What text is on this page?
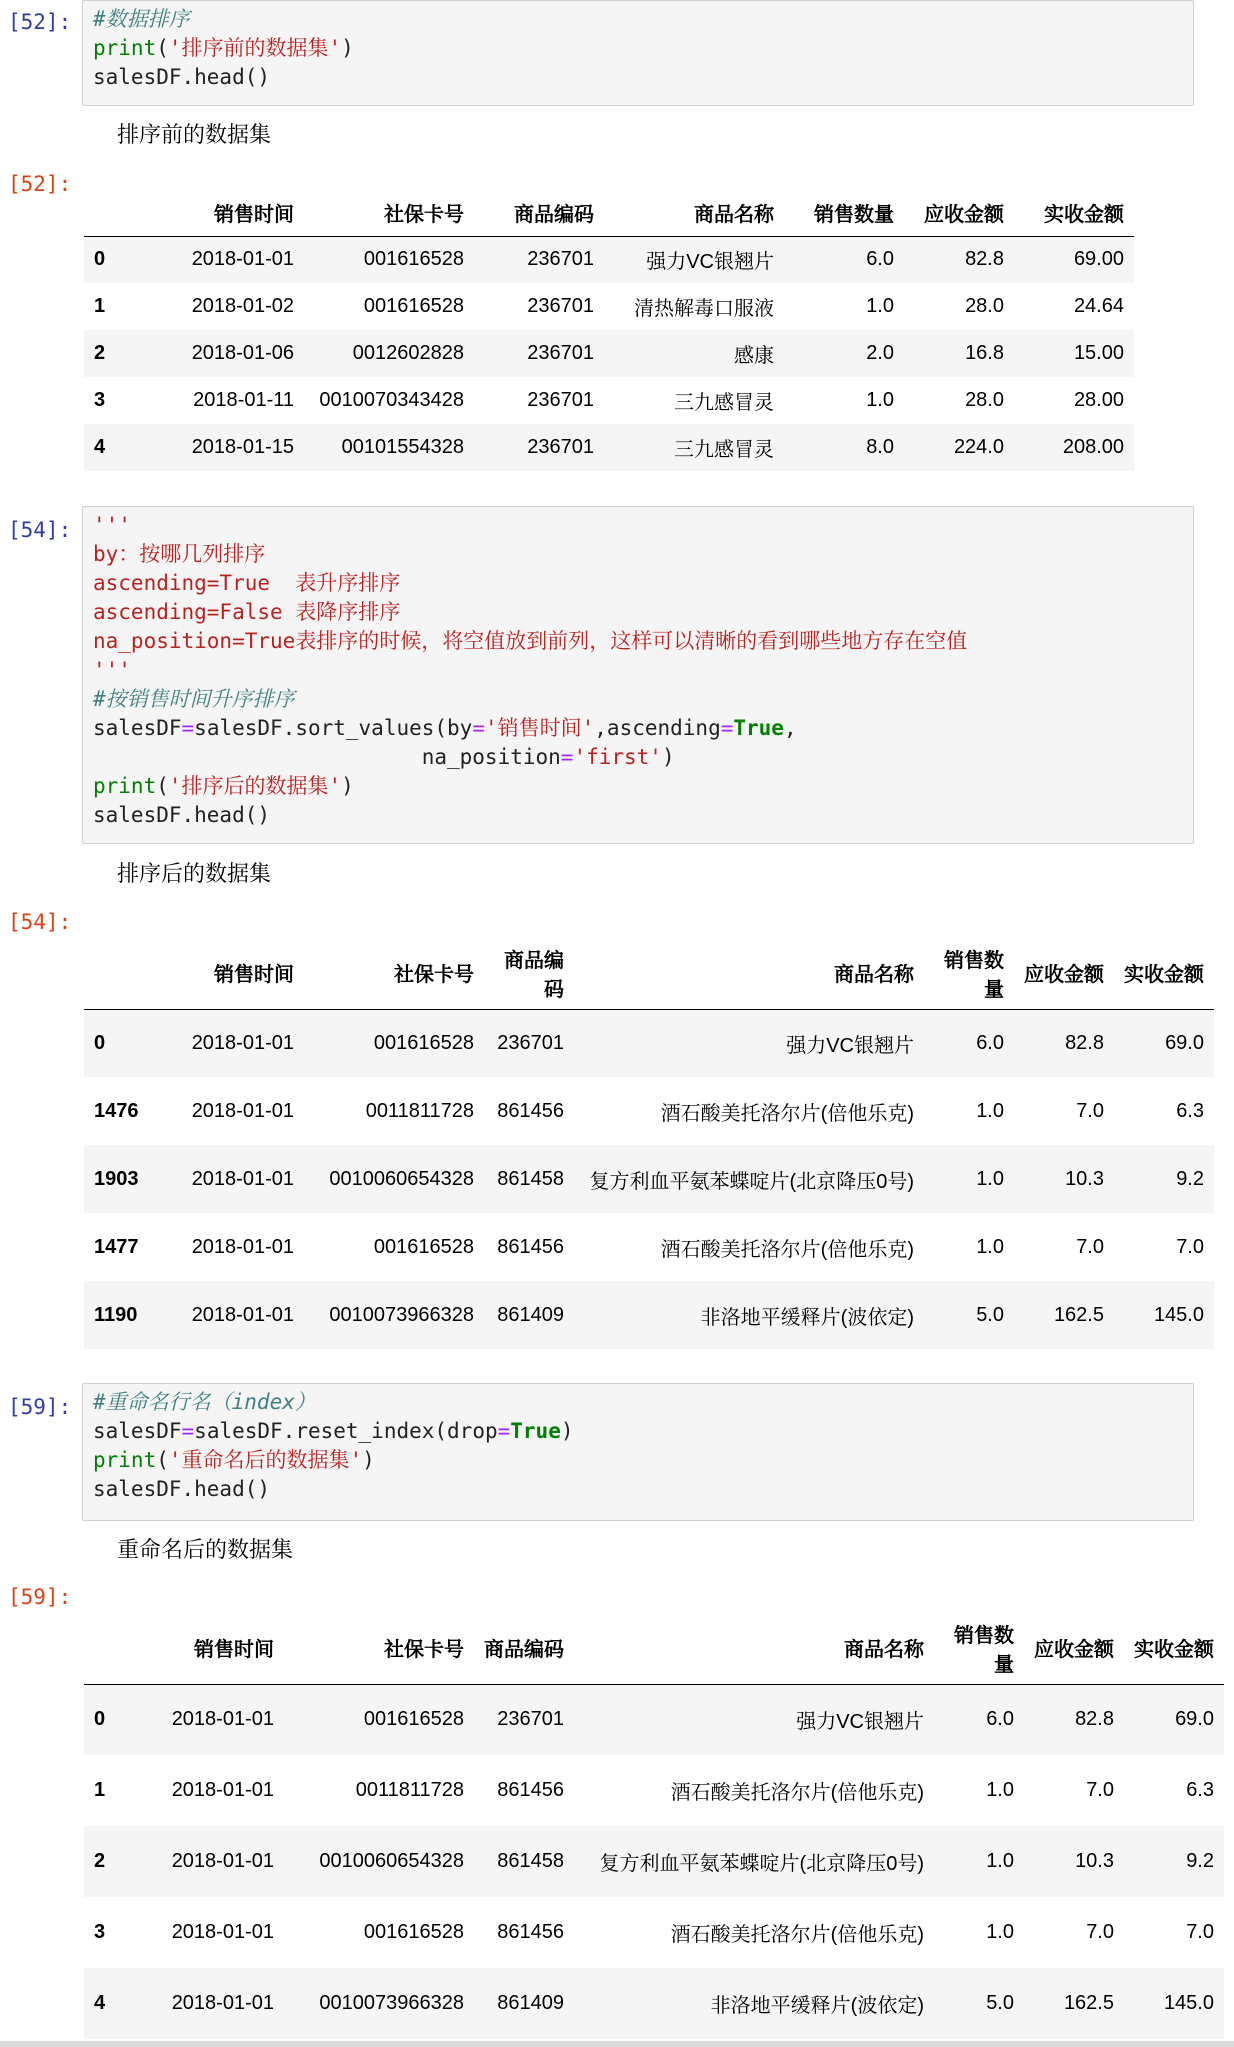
[52]: #数据排序
print('排序前的数据集')
salesDF.head()
排序前的数据集
[52]:
	销售时间	社保卡号	商品编码	商品名称	销售数量	应收金额	实收金额
0	2018-01-01	001616528	236701	强力VC银翘片	6.0	82.8	69.00
1	2018-01-02	001616528	236701	清热解毒口服液	1.0	28.0	24.64
2	2018-01-06	0012602828	236701	感康	2.0	16.8	15.00
3	2018-01-11	0010070343428	236701	三九感冒灵	1.0	28.0	28.00
4	2018-01-15	00101554328	236701	三九感冒灵	8.0	224.0	208.00
[54]: '''
by：按哪几列排序
ascending=True  表升序排序
ascending=False 表降序排序
na_position=True表排序的时候，将空值放到前列，这样可以清晰的看到哪些地方存在空值
'''
#按销售时间升序排序
salesDF=salesDF.sort_values(by='销售时间',ascending=True,
na_position='first')
print('排序后的数据集')
salesDF.head()
排序后的数据集
[54]:
	销售时间	社保卡号	商品编码	商品名称	销售数量	应收金额	实收金额
0	2018-01-01	001616528	236701	强力VC银翘片	6.0	82.8	69.0
1476	2018-01-01	0011811728	861456	酒石酸美托洛尔片(倍他乐克)	1.0	7.0	6.3
1903	2018-01-01	0010060654328	861458	复方利血平氨苯蝶啶片(北京降压0号)	1.0	10.3	9.2
1477	2018-01-01	001616528	861456	酒石酸美托洛尔片(倍他乐克)	1.0	7.0	7.0
1190	2018-01-01	0010073966328	861409	非洛地平缓释片(波依定)	5.0	162.5	145.0
[59]: #重命名行名（index）
salesDF=salesDF.reset_index(drop=True)
print('重命名后的数据集')
salesDF.head()
重命名后的数据集
[59]:
	销售时间	社保卡号	商品编码	商品名称	销售数量	应收金额	实收金额
0	2018-01-01	001616528	236701	强力VC银翘片	6.0	82.8	69.0
1	2018-01-01	0011811728	861456	酒石酸美托洛尔片(倍他乐克)	1.0	7.0	6.3
2	2018-01-01	0010060654328	861458	复方利血平氨苯蝶啶片(北京降压0号)	1.0	10.3	9.2
3	2018-01-01	001616528	861456	酒石酸美托洛尔片(倍他乐克)	1.0	7.0	7.0
4	2018-01-01	0010073966328	861409	非洛地平缓释片(波依定)	5.0	162.5	145.0
